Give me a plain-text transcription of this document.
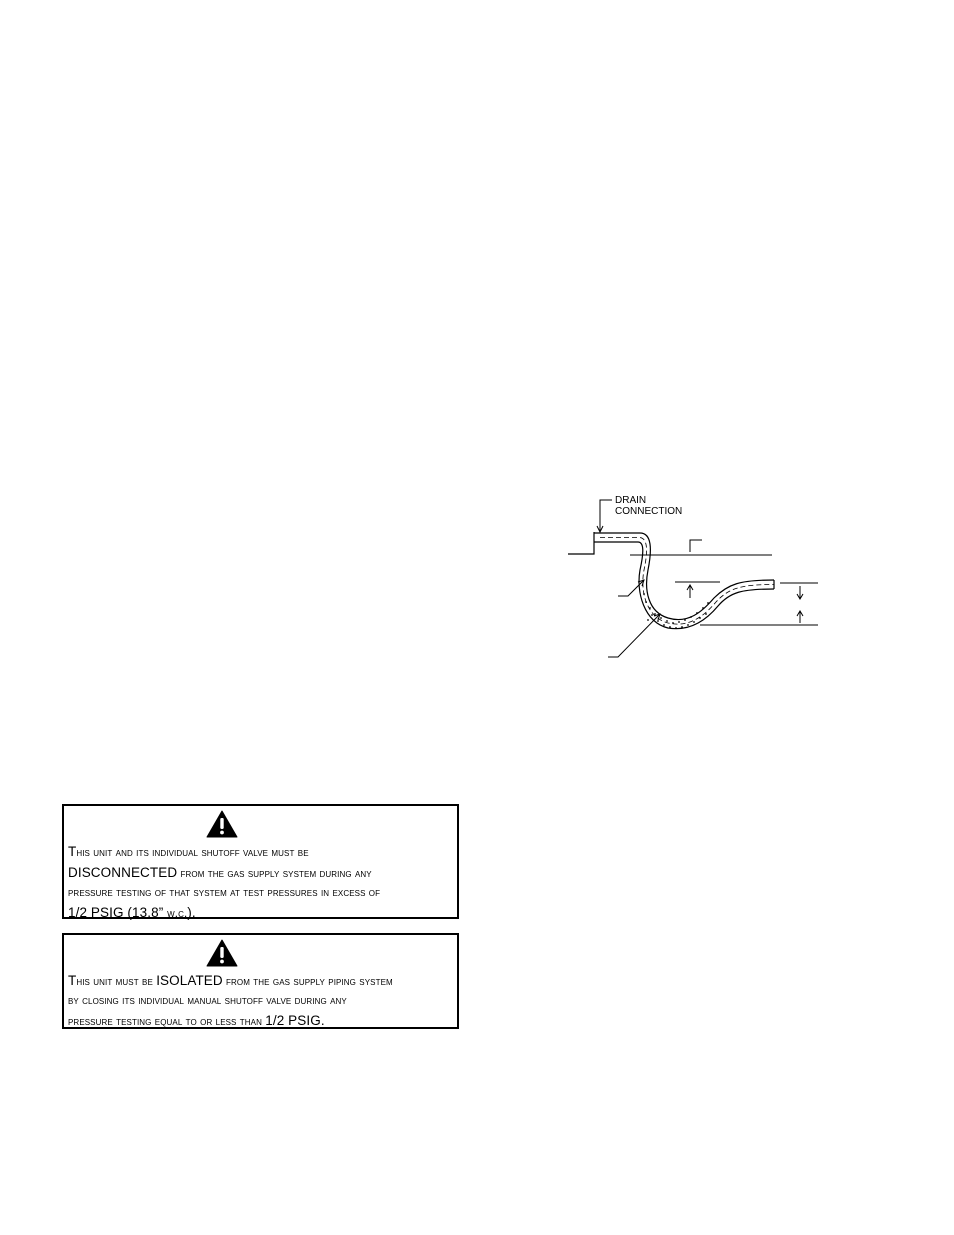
DRAIN
CONNECTION
This unit and its individual shutoff valve must be
DISCONNECTED from the gas supply system during any
pressure testing of that system at test pressures in excess of
1/2 PSIG (13.8” w.c.).
This unit must be ISOLATED from the gas supply piping system
by closing its individual manual shutoff valve during any
pressure testing equal to or less than 1/2 PSIG.
